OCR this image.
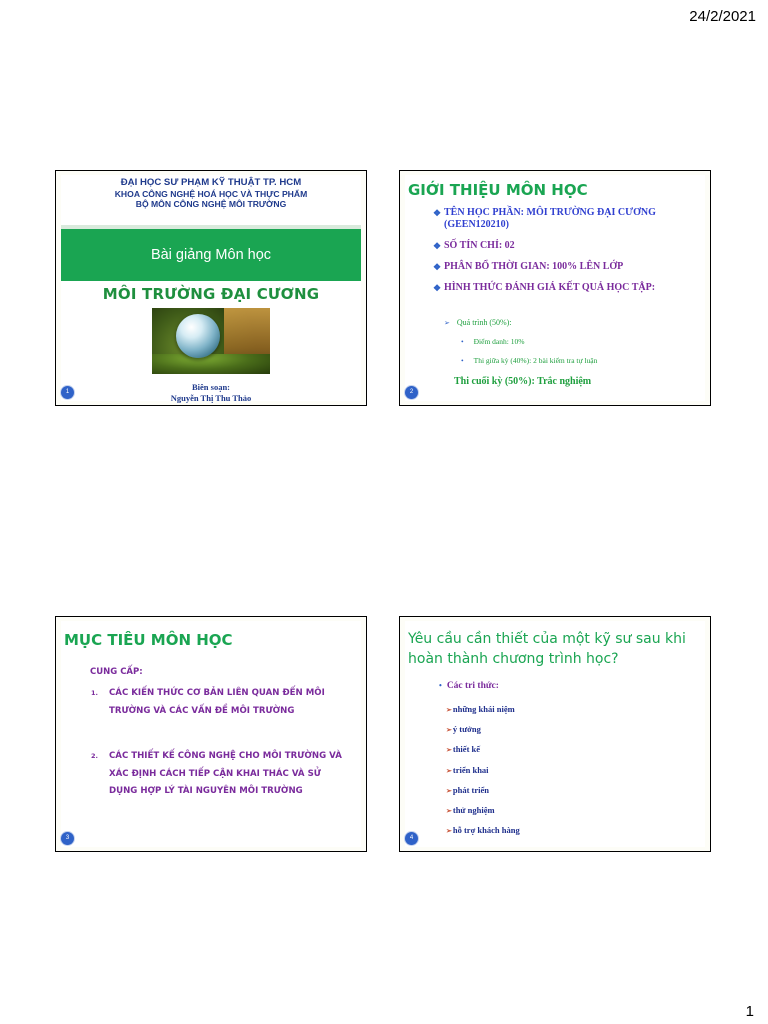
24/2/2021
ĐẠI HỌC SƯ PHẠM KỸ THUẬT TP. HCM
KHOA CÔNG NGHỆ HOÁ HỌC VÀ THỰC PHẨM
BỘ MÔN CÔNG NGHỆ MÔI TRƯỜNG
Bài giảng Môn học
MÔI TRƯỜNG ĐẠI CƯƠNG
Biên soạn:
Nguyễn Thị Thu Thảo
1
GIỚI THIỆU MÔN HỌC
❖ TÊN HỌC PHẦN: MÔI TRƯỜNG ĐẠI CƯƠNG (GEEN120210)
❖ SỐ TÍN CHỈ: 02
❖ PHÂN BỔ THỜI GIAN: 100% LÊN LỚP
❖ HÌNH THỨC ĐÁNH GIÁ KẾT QUẢ HỌC TẬP:
➢ Quá trình (50%):
• Điểm danh: 10%
• Thi giữa kỳ (40%): 2 bài kiểm tra tự luận
Thi cuối kỳ (50%): Trắc nghiệm
2
MỤC TIÊU MÔN HỌC
CUNG CẤP:
1. CÁC KIẾN THỨC CƠ BẢN LIÊN QUAN ĐẾN MÔI TRƯỜNG VÀ CÁC VẤN ĐỀ MÔI TRƯỜNG
2. CÁC THIẾT KẾ CÔNG NGHỆ CHO MÔI TRƯỜNG VÀ XÁC ĐỊNH CÁCH TIẾP CẬN KHAI THÁC VÀ SỬ DỤNG HỢP LÝ TÀI NGUYÊN MÔI TRƯỜNG
3
Yêu cầu cần thiết của một kỹ sư sau khi hoàn thành chương trình học?
• Các tri thức:
➢những khái niệm
➢ý tưởng
➢thiết kế
➢triển khai
➢phát triển
➢thử nghiệm
➢hỗ trợ khách hàng
4
1
